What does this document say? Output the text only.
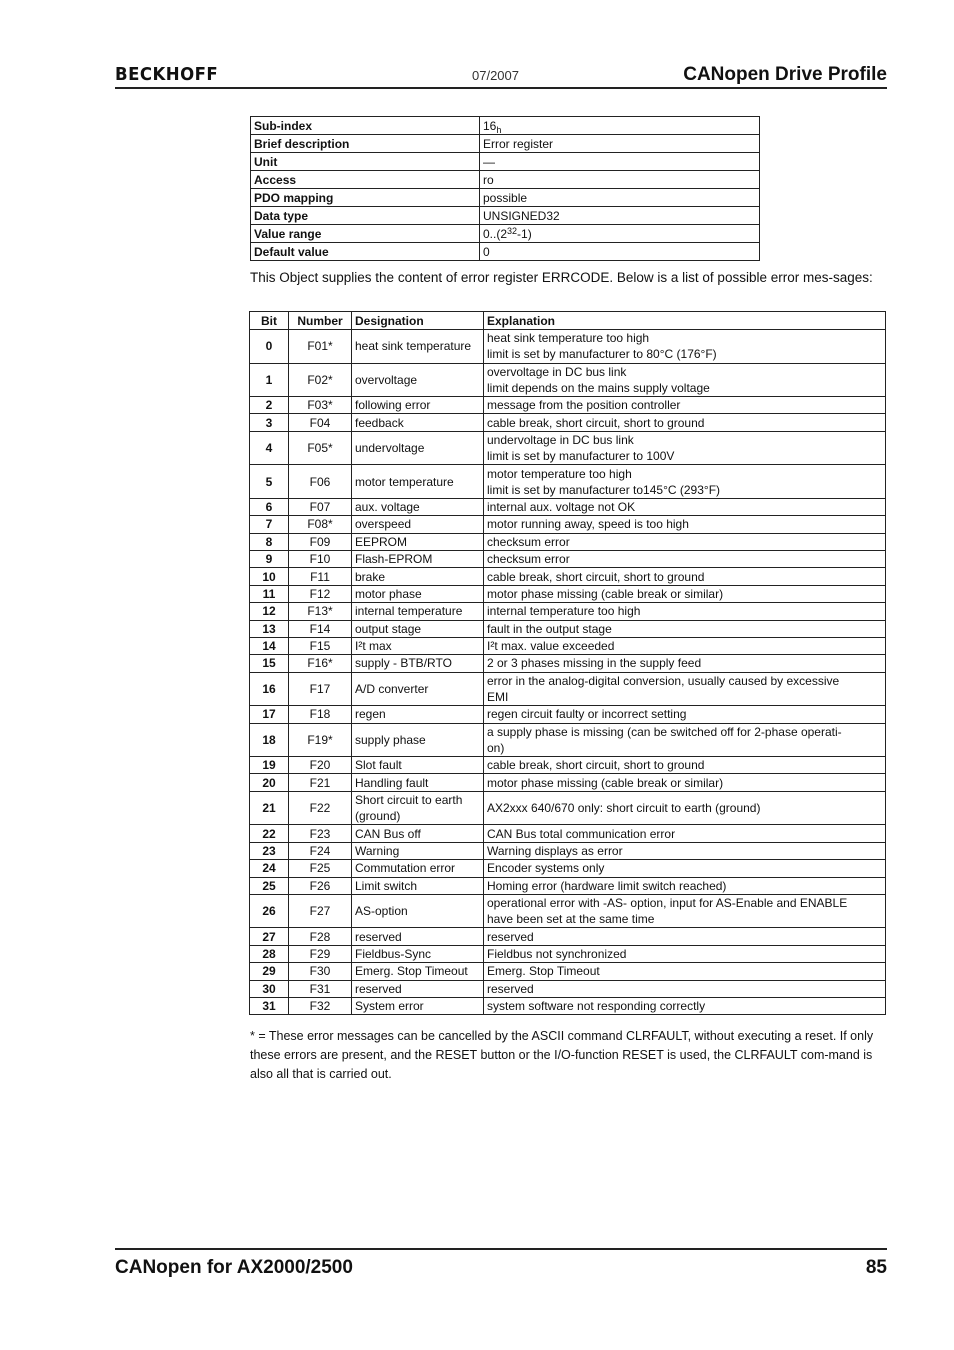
BECKHOFF	07/2007	CANopen Drive Profile
Sub-index	$16_h$
Brief description	Error register
Unit	—
Access	ro
PDO mapping	possible
Data type	UNSIGNED32
Value range	$0..(2^{32}-1)$
Default value	0
This Object supplies the content of error register ERRCODE. Below is a list of possible error mes-sages:
Bit	Number	Designation	Explanation
0	F01*	heat sink temperature	heat sink temperature too high
limit is set by manufacturer to 80°C (176°F)

1	F02*	overvoltage	overvoltage in DC bus link
limit depends on the mains supply voltage

2	F03*	following error	message from the position controller

3	F04	feedback	cable break, short circuit, short to ground

4	F05*	undervoltage	undervoltage in DC bus link
limit is set by manufacturer to 100V

5	F06	motor temperature	motor temperature too high
limit is set by manufacturer to145°C (293°F)

6	F07	aux. voltage	internal aux. voltage not OK

7	F08*	overspeed	motor running away, speed is too high

8	F09	EEPROM	checksum error

9	F10	Flash-EPROM	checksum error

10	F11	brake	cable break, short circuit, short to ground

11	F12	motor phase	motor phase missing (cable break or similar)

12	F13*	internal temperature	internal temperature too high

13	F14	output stage	fault in the output stage

14	F15	I²t max	I²t max. value exceeded

15	F16*	supply - BTB/RTO	2 or 3 phases missing in the supply feed

16	F17	A/D converter	error in the analog-digital conversion, usually caused by excessive
EMI

17	F18	regen	regen circuit faulty or incorrect setting

18	F19*	supply phase	a supply phase is missing (can be switched off for 2-phase operati-
on)

19	F20	Slot fault	cable break, short circuit, short to ground

20	F21	Handling fault	motor phase missing (cable break or similar)

21	F22	Short circuit to earth (ground)	AX2xxx 640/670 only: short circuit to earth (ground)

22	F23	CAN Bus off	CAN Bus total communication error

23	F24	Warning	Warning displays as error

24	F25	Commutation error	Encoder systems only

25	F26	Limit switch	Homing error (hardware limit switch reached)

26	F27	AS-option	operational error with -AS- option, input for AS-Enable and ENABLE
have been set at the same time

27	F28	reserved	reserved

28	F29	Fieldbus-Sync	Fieldbus not synchronized

29	F30	Emerg. Stop Timeout	Emerg. Stop Timeout

30	F31	reserved	reserved

31	F32	System error	system software not responding correctly
* = These error messages can be cancelled by the ASCII command CLRFAULT, without executing a reset. If only these errors are present, and the RESET button or the I/O-function RESET is used, the CLRFAULT com-mand is also all that is carried out.
CANopen for AX2000/2500	85
